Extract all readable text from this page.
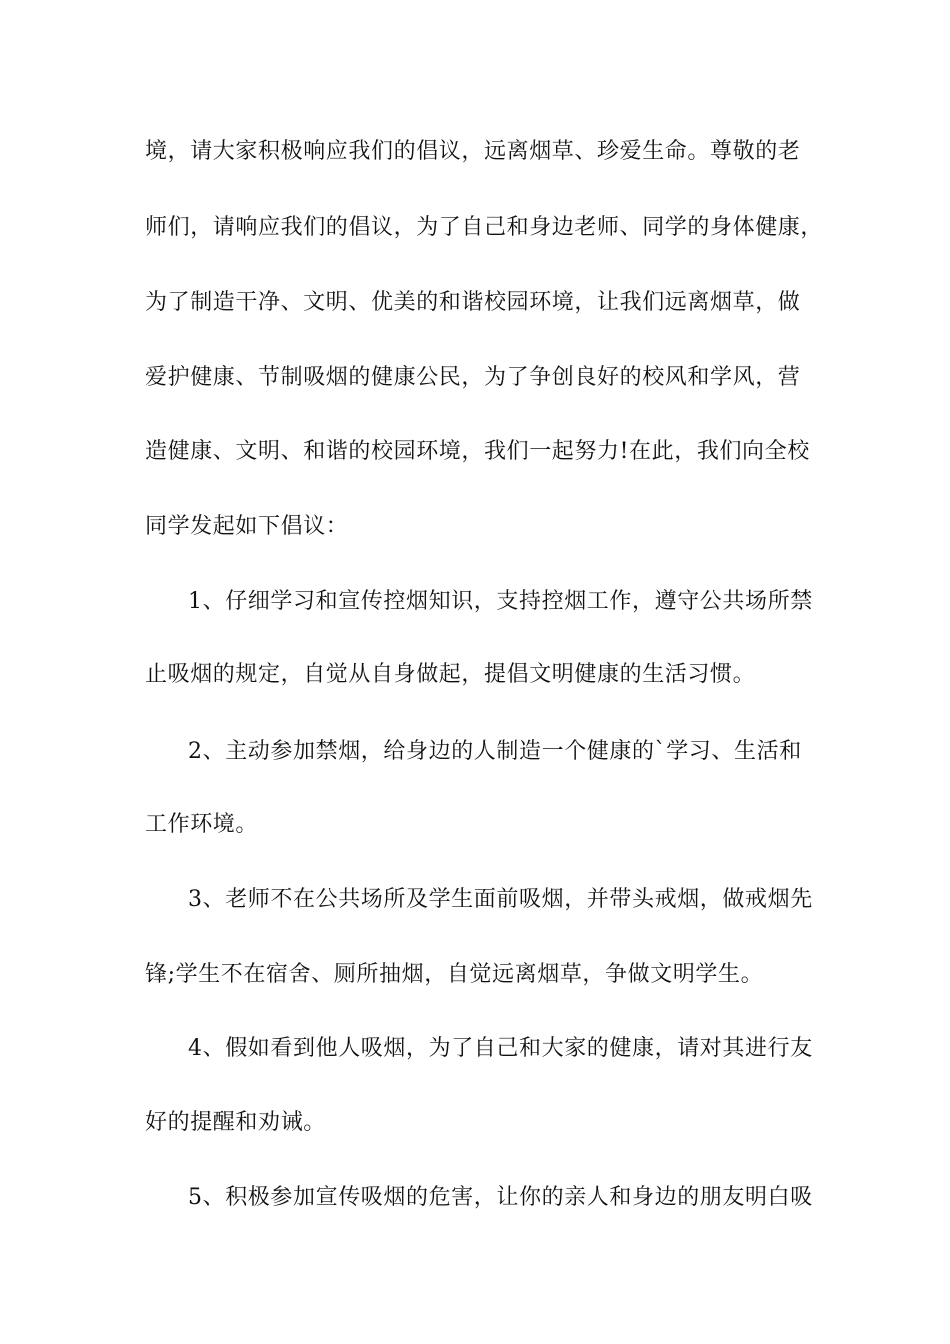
境，请大家积极响应我们的倡议，远离烟草、珍爱生命。尊敬的老
师们，请响应我们的倡议，为了自己和身边老师、同学的身体健康，
为了制造干净、文明、优美的和谐校园环境，让我们远离烟草，做
爱护健康、节制吸烟的健康公民，为了争创良好的校风和学风，营
造健康、文明、和谐的校园环境，我们一起努力!在此，我们向全校
同学发起如下倡议：
1、仔细学习和宣传控烟知识，支持控烟工作，遵守公共场所禁
止吸烟的规定，自觉从自身做起，提倡文明健康的生活习惯。
2、主动参加禁烟，给身边的人制造一个健康的`学习、生活和
工作环境。
3、老师不在公共场所及学生面前吸烟，并带头戒烟，做戒烟先
锋;学生不在宿舍、厕所抽烟，自觉远离烟草，争做文明学生。
4、假如看到他人吸烟，为了自己和大家的健康，请对其进行友
好的提醒和劝诫。
5、积极参加宣传吸烟的危害，让你的亲人和身边的朋友明白吸
